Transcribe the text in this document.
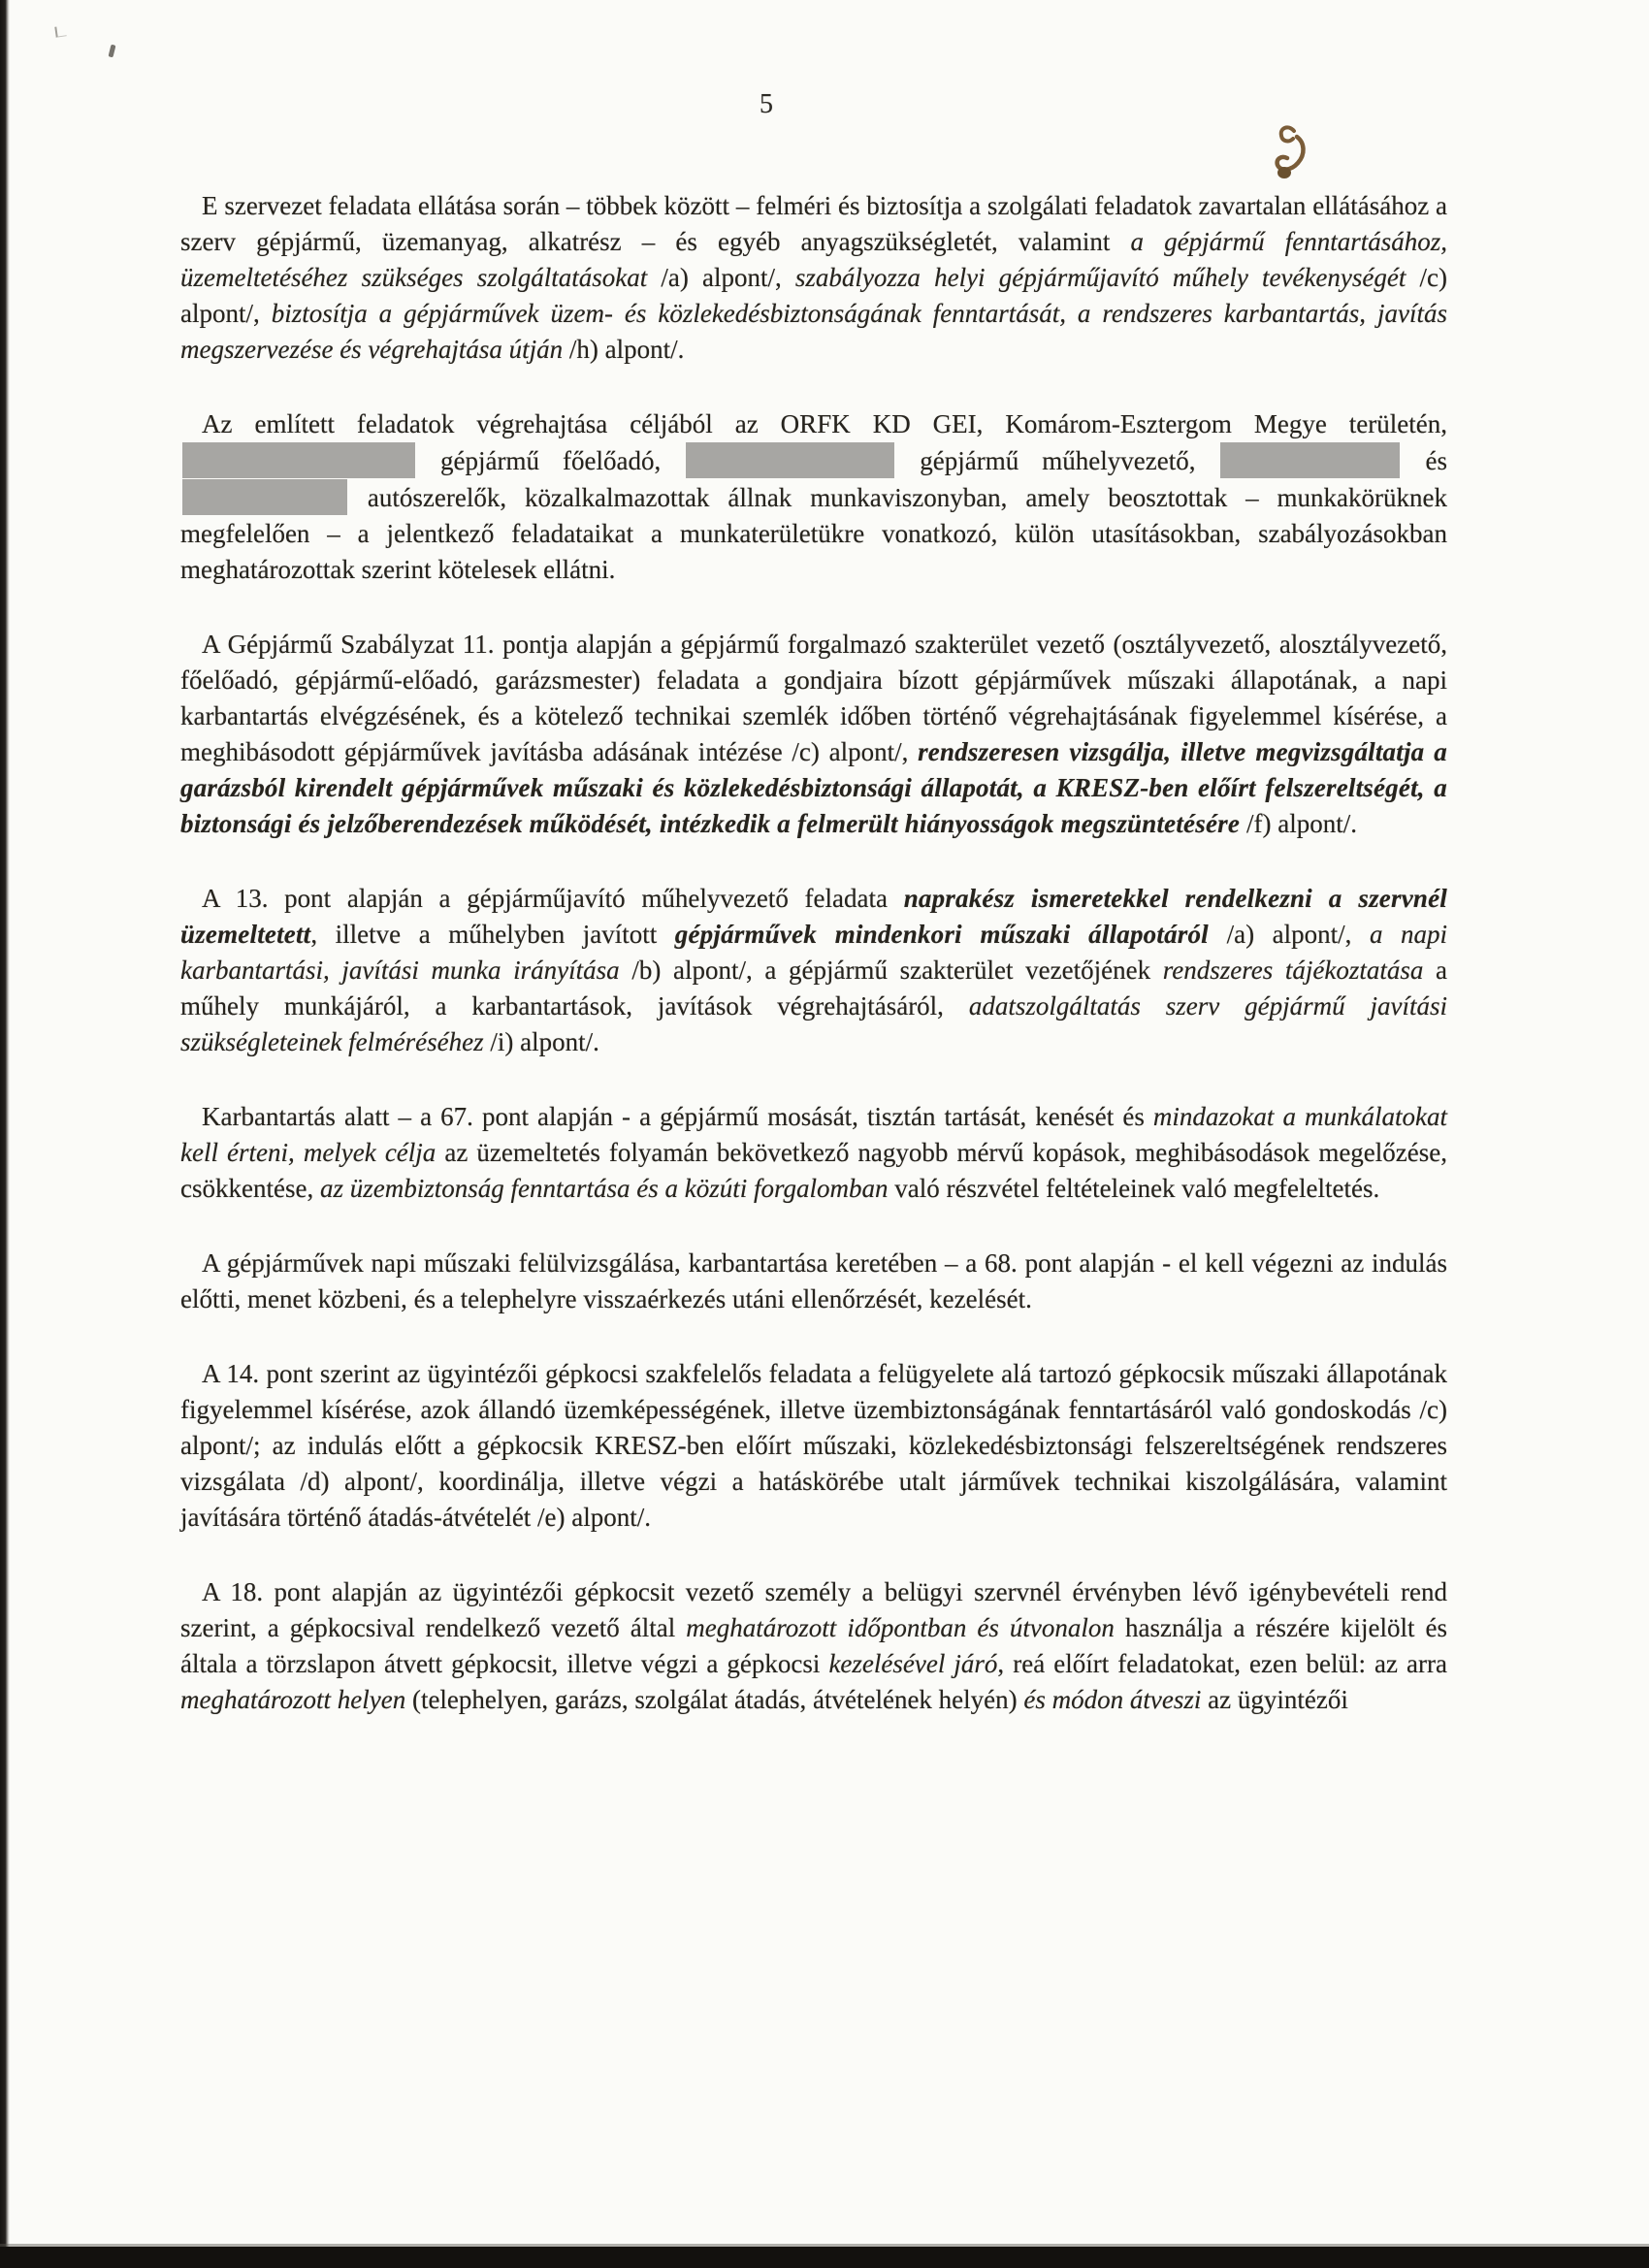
5

E szervezet feladata ellátása során – többek között – felméri és biztosítja a szolgálati feladatok zavartalan ellátásához a szerv gépjármű, üzemanyag, alkatrész – és egyéb anyagszükségletét, valamint a gépjármű fenntartásához, üzemeltetéséhez szükséges szolgáltatásokat /a) alpont/, szabályozza helyi gépjárműjavító műhely tevékenységét /c) alpont/, biztosítja a gépjárművek üzem- és közlekedésbiztonságának fenntartását, a rendszeres karbantartás, javítás megszervezése és végrehajtása útján /h) alpont/.

Az említett feladatok végrehajtása céljából az ORFK KD GEI, Komárom-Esztergom Megye területén,  gépjármű főelőadó,	gépjármű műhelyvezető,	és  autószerelők, közalkalmazottak állnak munkaviszonyban, amely beosztottak – munkakörüknek megfelelően – a jelentkező feladataikat a munkaterületükre vonatkozó, külön utasításokban, szabályozásokban meghatározottak szerint kötelesek ellátni.

A Gépjármű Szabályzat 11. pontja alapján a gépjármű forgalmazó szakterület vezető (osztályvezető, alosztályvezető, főelőadó, gépjármű-előadó, garázsmester) feladata a gondjaira bízott gépjárművek műszaki állapotának, a napi karbantartás elvégzésének, és a kötelező technikai szemlék időben történő végrehajtásának figyelemmel kísérése, a meghibásodott gépjárművek javításba adásának intézése /c) alpont/, rendszeresen vizsgálja, illetve megvizsgáltatja a garázsból kirendelt gépjárművek műszaki és közlekedésbiztonsági állapotát, a KRESZ-ben előírt felszereltségét, a biztonsági és jelzőberendezések működését, intézkedik a felmerült hiányosságok megszüntetésére /f) alpont/.

A 13. pont alapján a gépjárműjavító műhelyvezető feladata naprakész ismeretekkel rendelkezni a szervnél üzemeltetett, illetve a műhelyben javított gépjárművek mindenkori műszaki állapotáról /a) alpont/, a napi karbantartási, javítási munka irányítása /b) alpont/, a gépjármű szakterület vezetőjének rendszeres tájékoztatása a műhely munkájáról, a karbantartások, javítások végrehajtásáról, adatszolgáltatás szerv gépjármű javítási szükségleteinek felméréséhez /i) alpont/.

Karbantartás alatt – a 67. pont alapján - a gépjármű mosását, tisztán tartását, kenését és mindazokat a munkálatokat kell érteni, melyek célja az üzemeltetés folyamán bekövetkező nagyobb mérvű kopások, meghibásodások megelőzése, csökkentése, az üzembiztonság fenntartása és a közúti forgalomban való részvétel feltételeinek való megfeleltetés.

A gépjárművek napi műszaki felülvizsgálása, karbantartása keretében – a 68. pont alapján - el kell végezni az indulás előtti, menet közbeni, és a telephelyre visszaérkezés utáni ellenőrzését, kezelését.

A 14. pont szerint az ügyintézői gépkocsi szakfelelős feladata a felügyelete alá tartozó gépkocsik műszaki állapotának figyelemmel kísérése, azok állandó üzemképességének, illetve üzembiztonságának fenntartásáról való gondoskodás /c) alpont/; az indulás előtt a gépkocsik KRESZ-ben előírt műszaki, közlekedésbiztonsági felszereltségének rendszeres vizsgálata /d) alpont/, koordinálja, illetve végzi a hatáskörébe utalt járművek technikai kiszolgálására, valamint javítására történő átadás-átvételét /e) alpont/.

A 18. pont alapján az ügyintézői gépkocsit vezető személy a belügyi szervnél érvényben lévő igénybevételi rend szerint, a gépkocsival rendelkező vezető által meghatározott időpontban és útvonalon használja a részére kijelölt és általa a törzslapon átvett gépkocsit, illetve végzi a gépkocsi kezelésével járó, reá előírt feladatokat, ezen belül: az arra meghatározott helyen (telephelyen, garázs, szolgálat átadás, átvételének helyén) és módon átveszi az ügyintézői
